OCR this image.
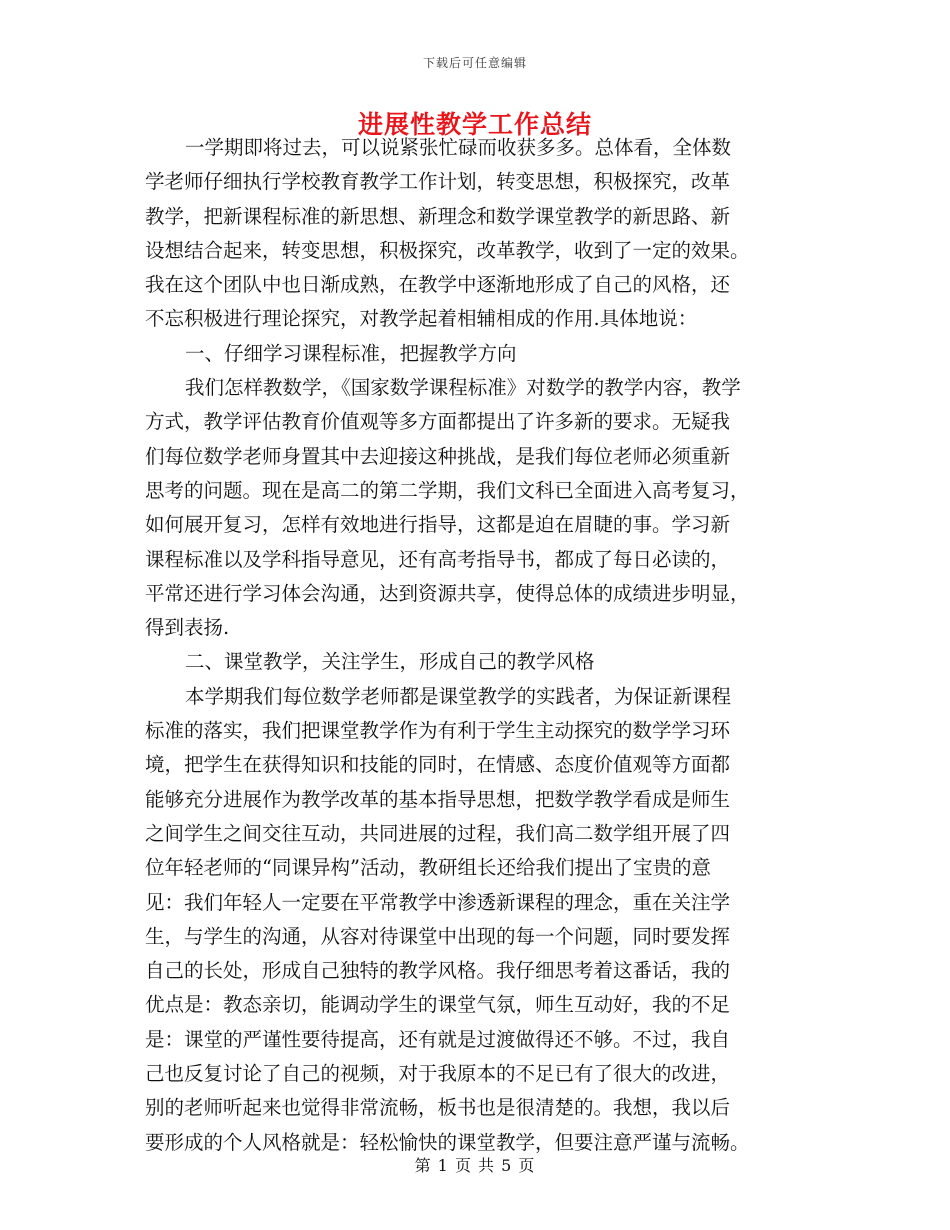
下载后可任意编辑
进展性教学工作总结
一学期即将过去，可以说紧张忙碌而收获多多。总体看，全体数
学老师仔细执行学校教育教学工作计划，转变思想，积极探究，改革
教学，把新课程标准的新思想、新理念和数学课堂教学的新思路、新
设想结合起来，转变思想，积极探究，改革教学，收到了一定的效果。
我在这个团队中也日渐成熟，在教学中逐渐地形成了自己的风格，还
不忘积极进行理论探究，对教学起着相辅相成的作用.具体地说：
一、仔细学习课程标准，把握教学方向
我们怎样教数学，《国家数学课程标准》对数学的教学内容，教学
方式，教学评估教育价值观等多方面都提出了许多新的要求。无疑我
们每位数学老师身置其中去迎接这种挑战，是我们每位老师必须重新
思考的问题。现在是高二的第二学期，我们文科已全面进入高考复习，
如何展开复习，怎样有效地进行指导，这都是迫在眉睫的事。学习新
课程标准以及学科指导意见，还有高考指导书，都成了每日必读的，
平常还进行学习体会沟通，达到资源共享，使得总体的成绩进步明显，
得到表扬.
二、课堂教学，关注学生，形成自己的教学风格
本学期我们每位数学老师都是课堂教学的实践者，为保证新课程
标准的落实，我们把课堂教学作为有利于学生主动探究的数学学习环
境，把学生在获得知识和技能的同时，在情感、态度价值观等方面都
能够充分进展作为教学改革的基本指导思想，把数学教学看成是师生
之间学生之间交往互动，共同进展的过程，我们高二数学组开展了四
位年轻老师的“同课异构”活动，教研组长还给我们提出了宝贵的意
见：我们年轻人一定要在平常教学中渗透新课程的理念，重在关注学
生，与学生的沟通，从容对待课堂中出现的每一个问题，同时要发挥
自己的长处，形成自己独特的教学风格。我仔细思考着这番话，我的
优点是：教态亲切，能调动学生的课堂气氛，师生互动好，我的不足
是：课堂的严谨性要待提高，还有就是过渡做得还不够。不过，我自
己也反复讨论了自己的视频，对于我原本的不足已有了很大的改进，
别的老师听起来也觉得非常流畅，板书也是很清楚的。我想，我以后
要形成的个人风格就是：轻松愉快的课堂教学，但要注意严谨与流畅。
第 1 页 共 5 页
